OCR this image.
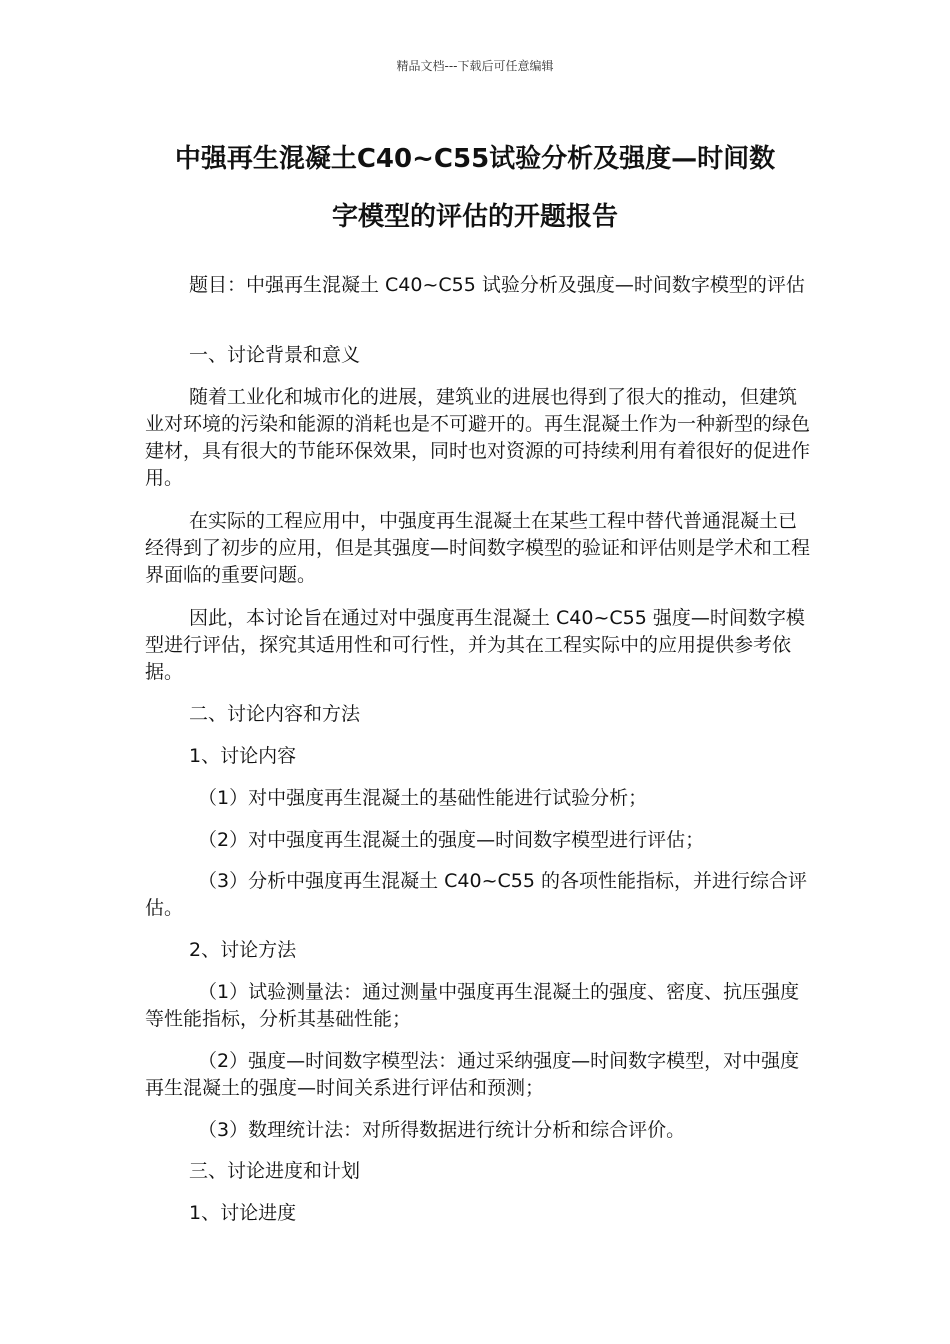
精品文档---下载后可任意编辑
中强再生混凝土C40~C55试验分析及强度—时间数
字模型的评估的开题报告

题目：中强再生混凝土 C40~C55 试验分析及强度—时间数字模型的评估

一、讨论背景和意义

随着工业化和城市化的进展，建筑业的进展也得到了很大的推动，但建筑业对环境的污染和能源的消耗也是不可避开的。再生混凝土作为一种新型的绿色建材，具有很大的节能环保效果，同时也对资源的可持续利用有着很好的促进作用。

在实际的工程应用中，中强度再生混凝土在某些工程中替代普通混凝土已经得到了初步的应用，但是其强度—时间数字模型的验证和评估则是学术和工程界面临的重要问题。

因此，本讨论旨在通过对中强度再生混凝土 C40~C55 强度—时间数字模型进行评估，探究其适用性和可行性，并为其在工程实际中的应用提供参考依据。

二、讨论内容和方法

1、讨论内容

（1）对中强度再生混凝土的基础性能进行试验分析；

（2）对中强度再生混凝土的强度—时间数字模型进行评估；

（3）分析中强度再生混凝土 C40~C55 的各项性能指标，并进行综合评估。

2、讨论方法

（1）试验测量法：通过测量中强度再生混凝土的强度、密度、抗压强度等性能指标，分析其基础性能；

（2）强度—时间数字模型法：通过采纳强度—时间数字模型，对中强度再生混凝土的强度—时间关系进行评估和预测；

（3）数理统计法：对所得数据进行统计分析和综合评价。

三、讨论进度和计划

1、讨论进度
